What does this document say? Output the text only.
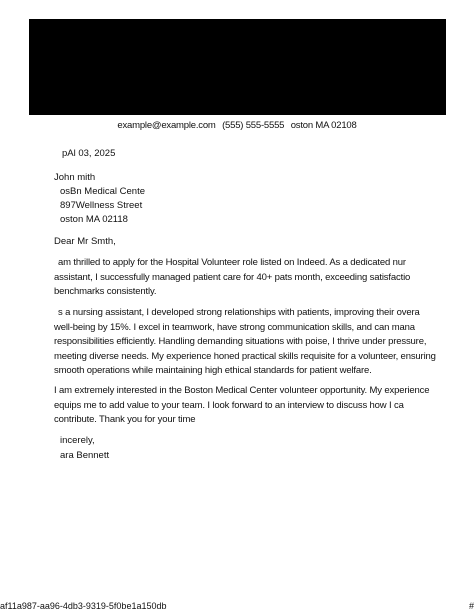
example@example.com (555) 555-5555 oston MA 02108
pAl 03, 2025
John mith
osBn Medical Cente
897Wellness Street
oston MA 02118
Dear Mr Smth,
am thrilled to apply for the Hospital Volunteer role listed on Indeed. As a dedicated nur
assistant, I successfully managed patient care for 40+ pats month, exceeding satisfactio
benchmarks consistently.
s a nursing assistant, I developed strong relationships with patients, improving their overa
well-being by 15%. I excel in teamwork, have strong communication skills, and can mana
responsibilities efficiently. Handling demanding situations with poise, I thrive under pressure,
meeting diverse needs. My experience honed practical skills requisite for a volunteer, ensuring
smooth operations while maintaining high ethical standards for patient welfare.
I am extremely interested in the Boston Medical Center volunteer opportunity. My experience
equips me to add value to your team. I look forward to an interview to discuss how I ca
contribute. Thank you for your time
incerely,
ara Bennett
af11a987-aa96-4db3-9319-5f0be1a150db	#
